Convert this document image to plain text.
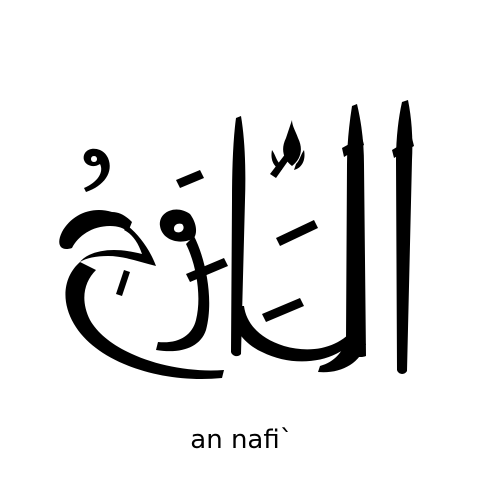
an nafi`
